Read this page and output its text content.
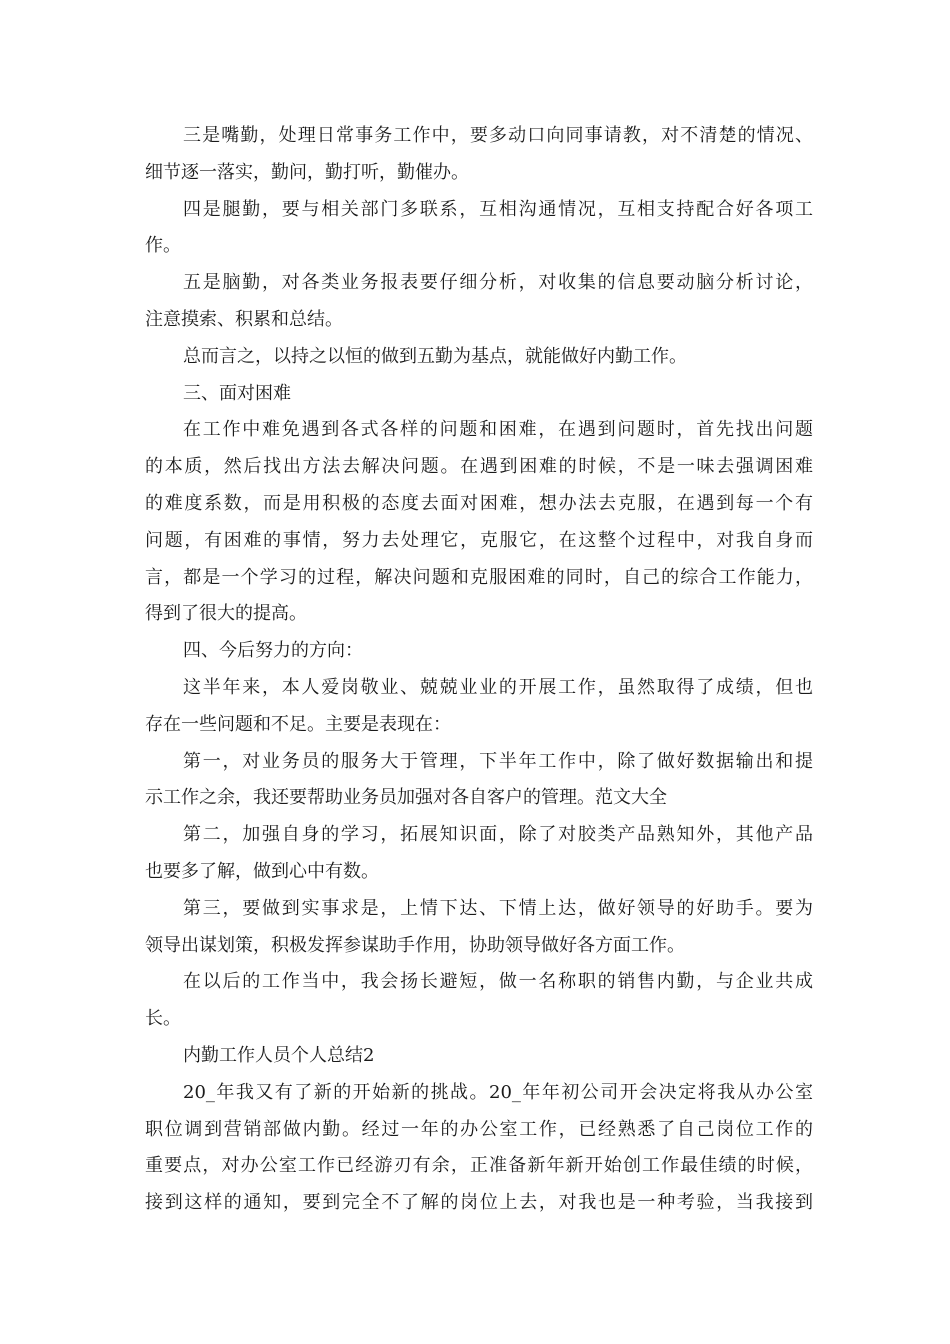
三是嘴勤，处理日常事务工作中，要多动口向同事请教，对不清楚的情况、
细节逐一落实，勤问，勤打听，勤催办。
四是腿勤，要与相关部门多联系，互相沟通情况，互相支持配合好各项工
作。
五是脑勤，对各类业务报表要仔细分析，对收集的信息要动脑分析讨论，
注意摸索、积累和总结。
总而言之，以持之以恒的做到五勤为基点，就能做好内勤工作。
三、面对困难
在工作中难免遇到各式各样的问题和困难，在遇到问题时，首先找出问题
的本质，然后找出方法去解决问题。在遇到困难的时候，不是一味去强调困难
的难度系数，而是用积极的态度去面对困难，想办法去克服，在遇到每一个有
问题，有困难的事情，努力去处理它，克服它，在这整个过程中，对我自身而
言，都是一个学习的过程，解决问题和克服困难的同时，自己的综合工作能力，
得到了很大的提高。
四、今后努力的方向：
这半年来，本人爱岗敬业、兢兢业业的开展工作，虽然取得了成绩，但也
存在一些问题和不足。主要是表现在：
第一，对业务员的服务大于管理，下半年工作中，除了做好数据输出和提
示工作之余，我还要帮助业务员加强对各自客户的管理。范文大全
第二，加强自身的学习，拓展知识面，除了对胶类产品熟知外，其他产品
也要多了解，做到心中有数。
第三，要做到实事求是，上情下达、下情上达，做好领导的好助手。要为
领导出谋划策，积极发挥参谋助手作用，协助领导做好各方面工作。
在以后的工作当中，我会扬长避短，做一名称职的销售内勤，与企业共成
长。
内勤工作人员个人总结2
20_年我又有了新的开始新的挑战。20_年年初公司开会决定将我从办公室
职位调到营销部做内勤。经过一年的办公室工作，已经熟悉了自己岗位工作的
重要点，对办公室工作已经游刃有余，正准备新年新开始创工作最佳绩的时候，
接到这样的通知，要到完全不了解的岗位上去，对我也是一种考验，当我接到
